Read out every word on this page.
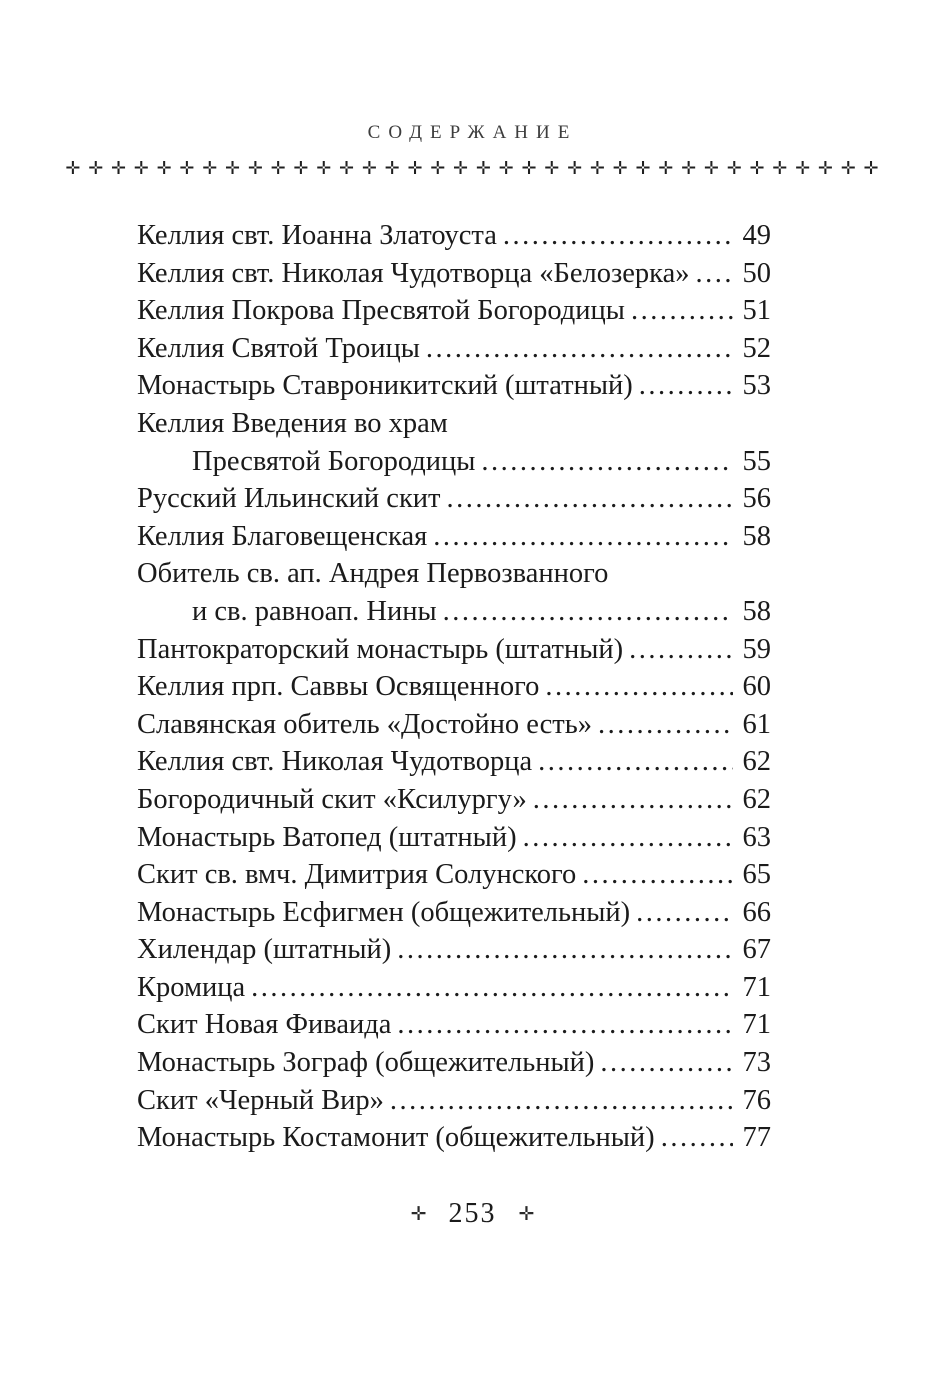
СОДЕРЖАНИЕ
✛ ✛ ✛ ✛ ✛ ✛ ✛ ✛ ✛ ✛ ✛ ✛ ✛ ✛ ✛ ✛ ✛ ✛ ✛ ✛ ✛ ✛ ✛ ✛ ✛ ✛ ✛ ✛ ✛ ✛ ✛ ✛ ✛ ✛ ✛ ✛
Келлия свт. Иоанна Златоуста .....	49
Келлия свт. Николая Чудотворца «Белозерка» ..... 50
Келлия Покрова Пресвятой Богородицы .....	51
Келлия Святой Троицы .....	52
Монастырь Ставроникитский (штатный) .....	53
Келлия Введения во храм
Пресвятой Богородицы .....	55
Русский Ильинский скит .....	56
Келлия Благовещенская .....	58
Обитель св. ап. Андрея Первозванного
и св. равноап. Нины .....	58
Пантократорский монастырь (штатный) .....	59
Келлия прп. Саввы Освященного .....	60
Славянская обитель «Достойно есть» .....	61
Келлия свт. Николая Чудотворца .....	62
Богородичный скит «Ксилургу» .....	62
Монастырь Ватопед (штатный) .....	63
Скит св. вмч. Димитрия Солунского .....	65
Монастырь Есфигмен (общежительный) .....	66
Хилендар (штатный) .....	67
Кромица .....	71
Скит Новая Фиваида .....	71
Монастырь Зограф (общежительный) .....	73
Скит «Черный Вир» .....	76
Монастырь Костамонит (общежительный) .....	77
✛ 253 ✛
